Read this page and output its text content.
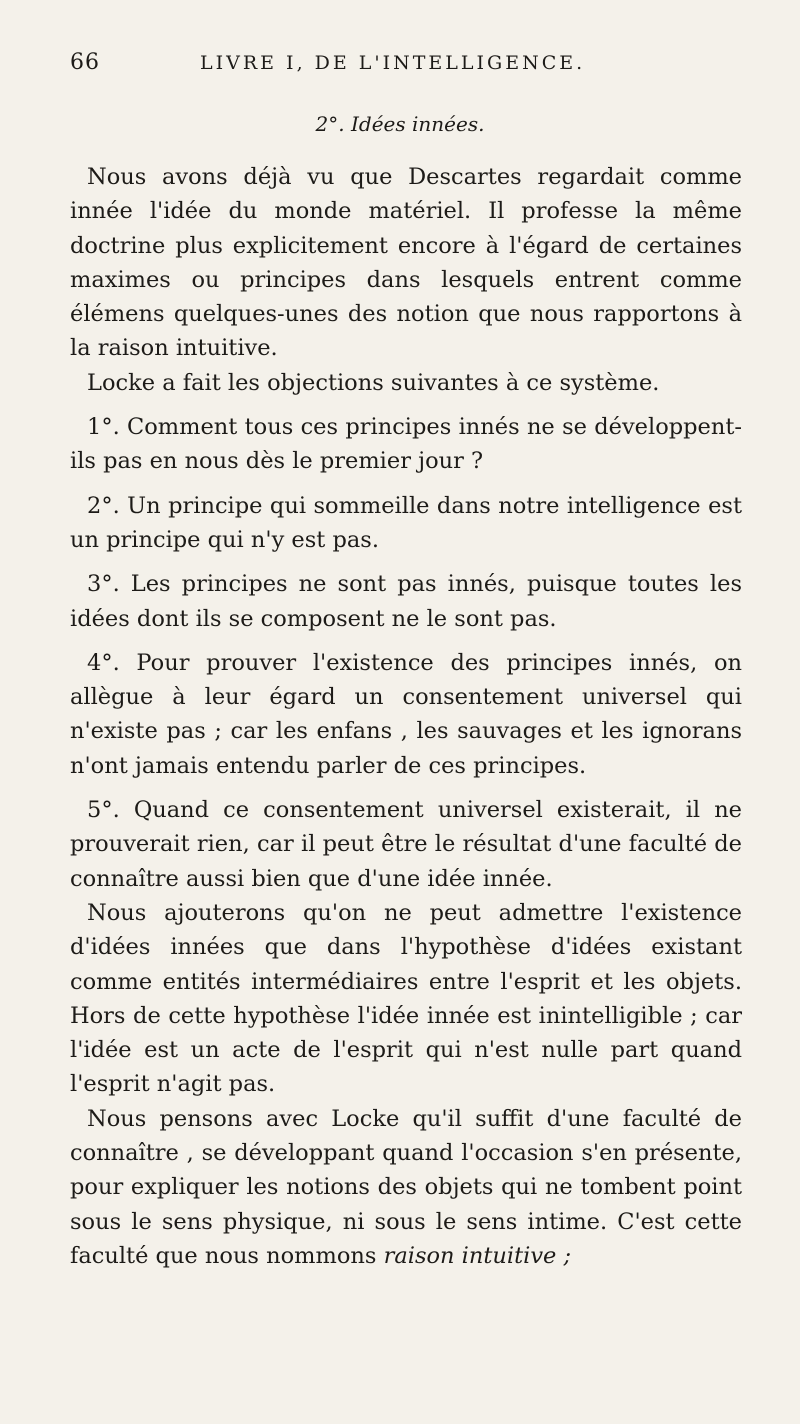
66	LIVRE I, DE L'INTELLIGENCE.
2°. Idées innées.

Nous avons déjà vu que Descartes regardait comme innée l'idée du monde matériel. Il professe la même doctrine plus explicitement encore à l'égard de certaines maximes ou principes dans lesquels entrent comme élémens quelques-unes des notion que nous rapportons à la raison intuitive.

Locke a fait les objections suivantes à ce système.

1°. Comment tous ces principes innés ne se développent-ils pas en nous dès le premier jour ?

2°. Un principe qui sommeille dans notre intelligence est un principe qui n'y est pas.

3°. Les principes ne sont pas innés, puisque toutes les idées dont ils se composent ne le sont pas.

4°. Pour prouver l'existence des principes innés, on allègue à leur égard un consentement universel qui n'existe pas ; car les enfans , les sauvages et les ignorans n'ont jamais entendu parler de ces principes.

5°. Quand ce consentement universel existerait, il ne prouverait rien, car il peut être le résultat d'une faculté de connaître aussi bien que d'une idée innée.

Nous ajouterons qu'on ne peut admettre l'existence d'idées innées que dans l'hypothèse d'idées existant comme entités intermédiaires entre l'esprit et les objets. Hors de cette hypothèse l'idée innée est inintelligible ; car l'idée est un acte de l'esprit qui n'est nulle part quand l'esprit n'agit pas.

Nous pensons avec Locke qu'il suffit d'une faculté de connaître , se développant quand l'occasion s'en présente, pour expliquer les notions des objets qui ne tombent point sous le sens physique, ni sous le sens intime. C'est cette faculté que nous nommons raison intuitive ;
